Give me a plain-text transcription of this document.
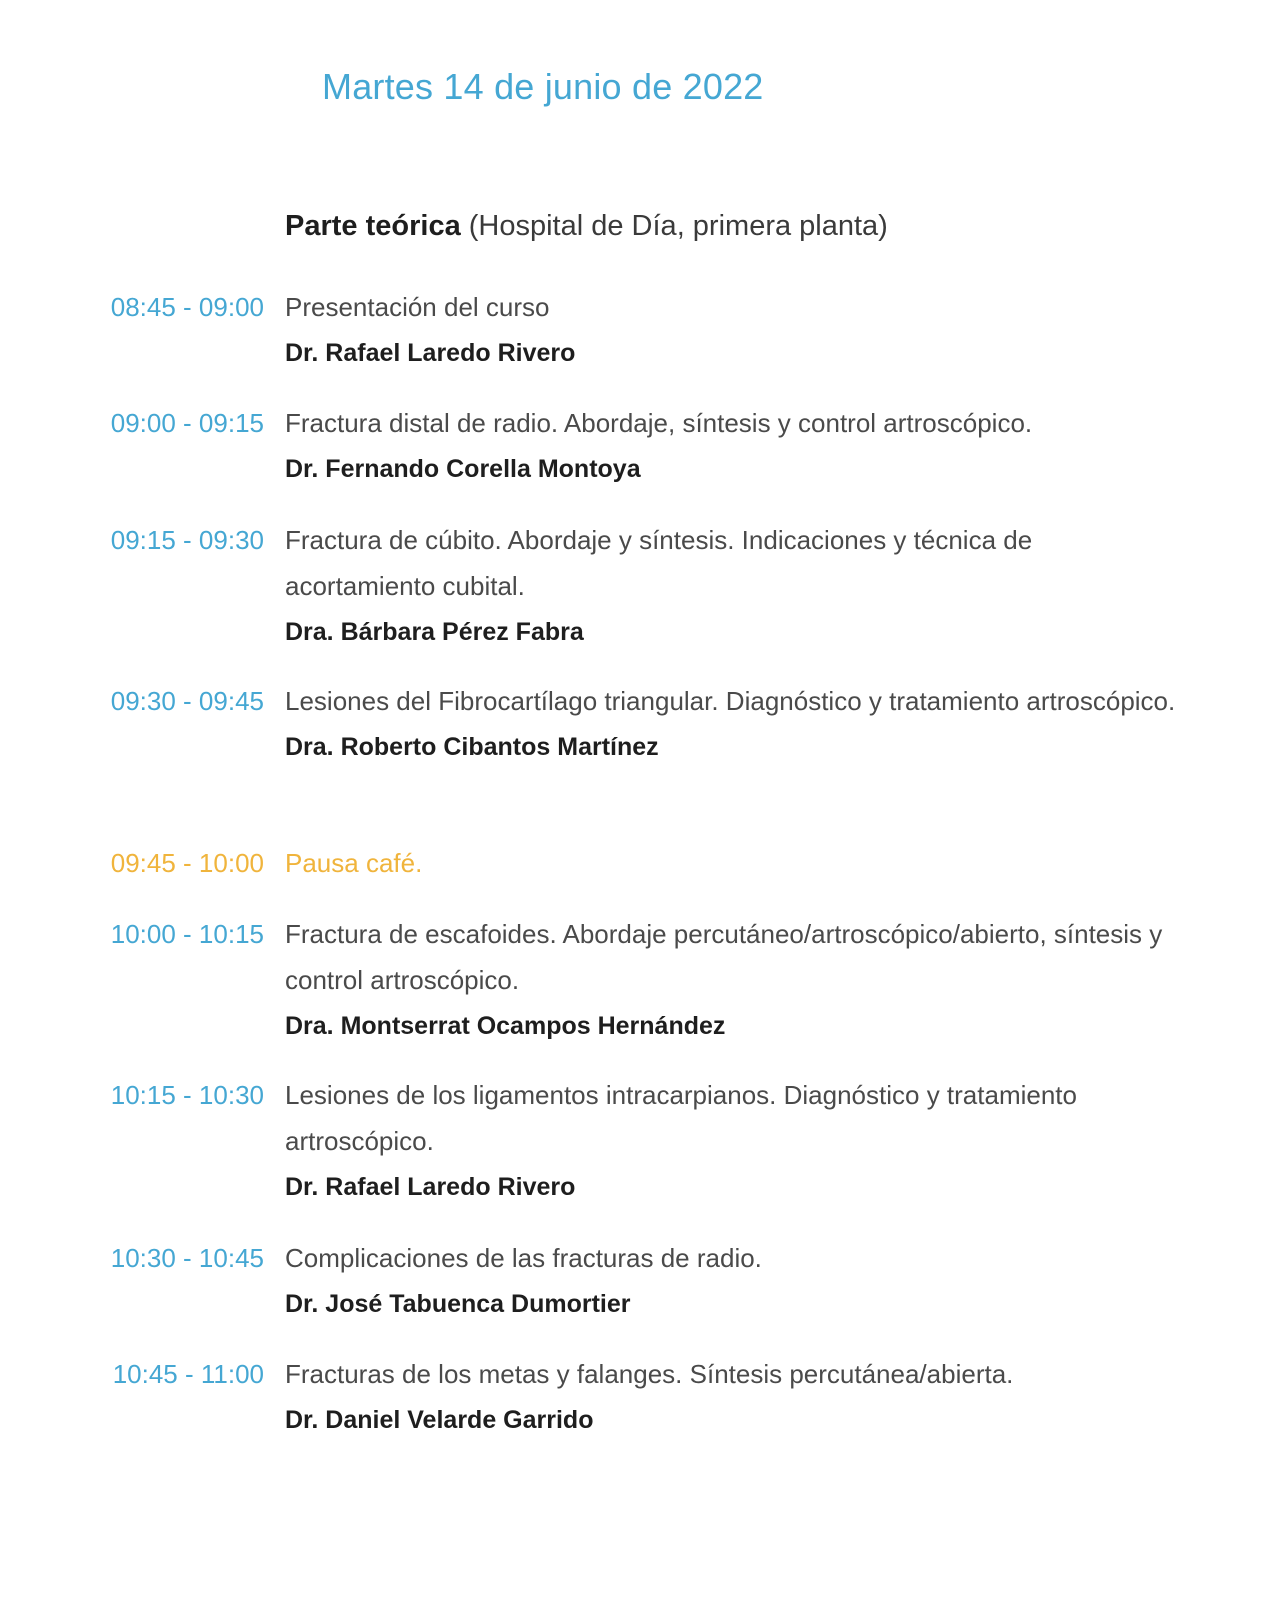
Martes 14 de junio de 2022
Parte teórica (Hospital de Día, primera planta)
08:45 - 09:00 Presentación del curso
Dr. Rafael Laredo Rivero
09:00 - 09:15 Fractura distal de radio. Abordaje, síntesis y control artroscópico.
Dr. Fernando Corella Montoya
09:15 - 09:30 Fractura de cúbito. Abordaje y síntesis. Indicaciones y técnica de acortamiento cubital.
Dra. Bárbara Pérez Fabra
09:30 - 09:45 Lesiones del Fibrocartílago triangular. Diagnóstico y tratamiento artroscópico.
Dra. Roberto Cibantos Martínez
09:45 - 10:00 Pausa café.
10:00 - 10:15 Fractura de escafoides. Abordaje percutáneo/artroscópico/abierto, síntesis y control artroscópico.
Dra. Montserrat Ocampos Hernández
10:15 - 10:30 Lesiones de los ligamentos intracarpianos. Diagnóstico y tratamiento artroscópico.
Dr. Rafael Laredo Rivero
10:30 - 10:45 Complicaciones de las fracturas de radio.
Dr. José Tabuenca Dumortier
10:45 - 11:00 Fracturas de los metas y falanges. Síntesis percutánea/abierta.
Dr. Daniel Velarde Garrido
